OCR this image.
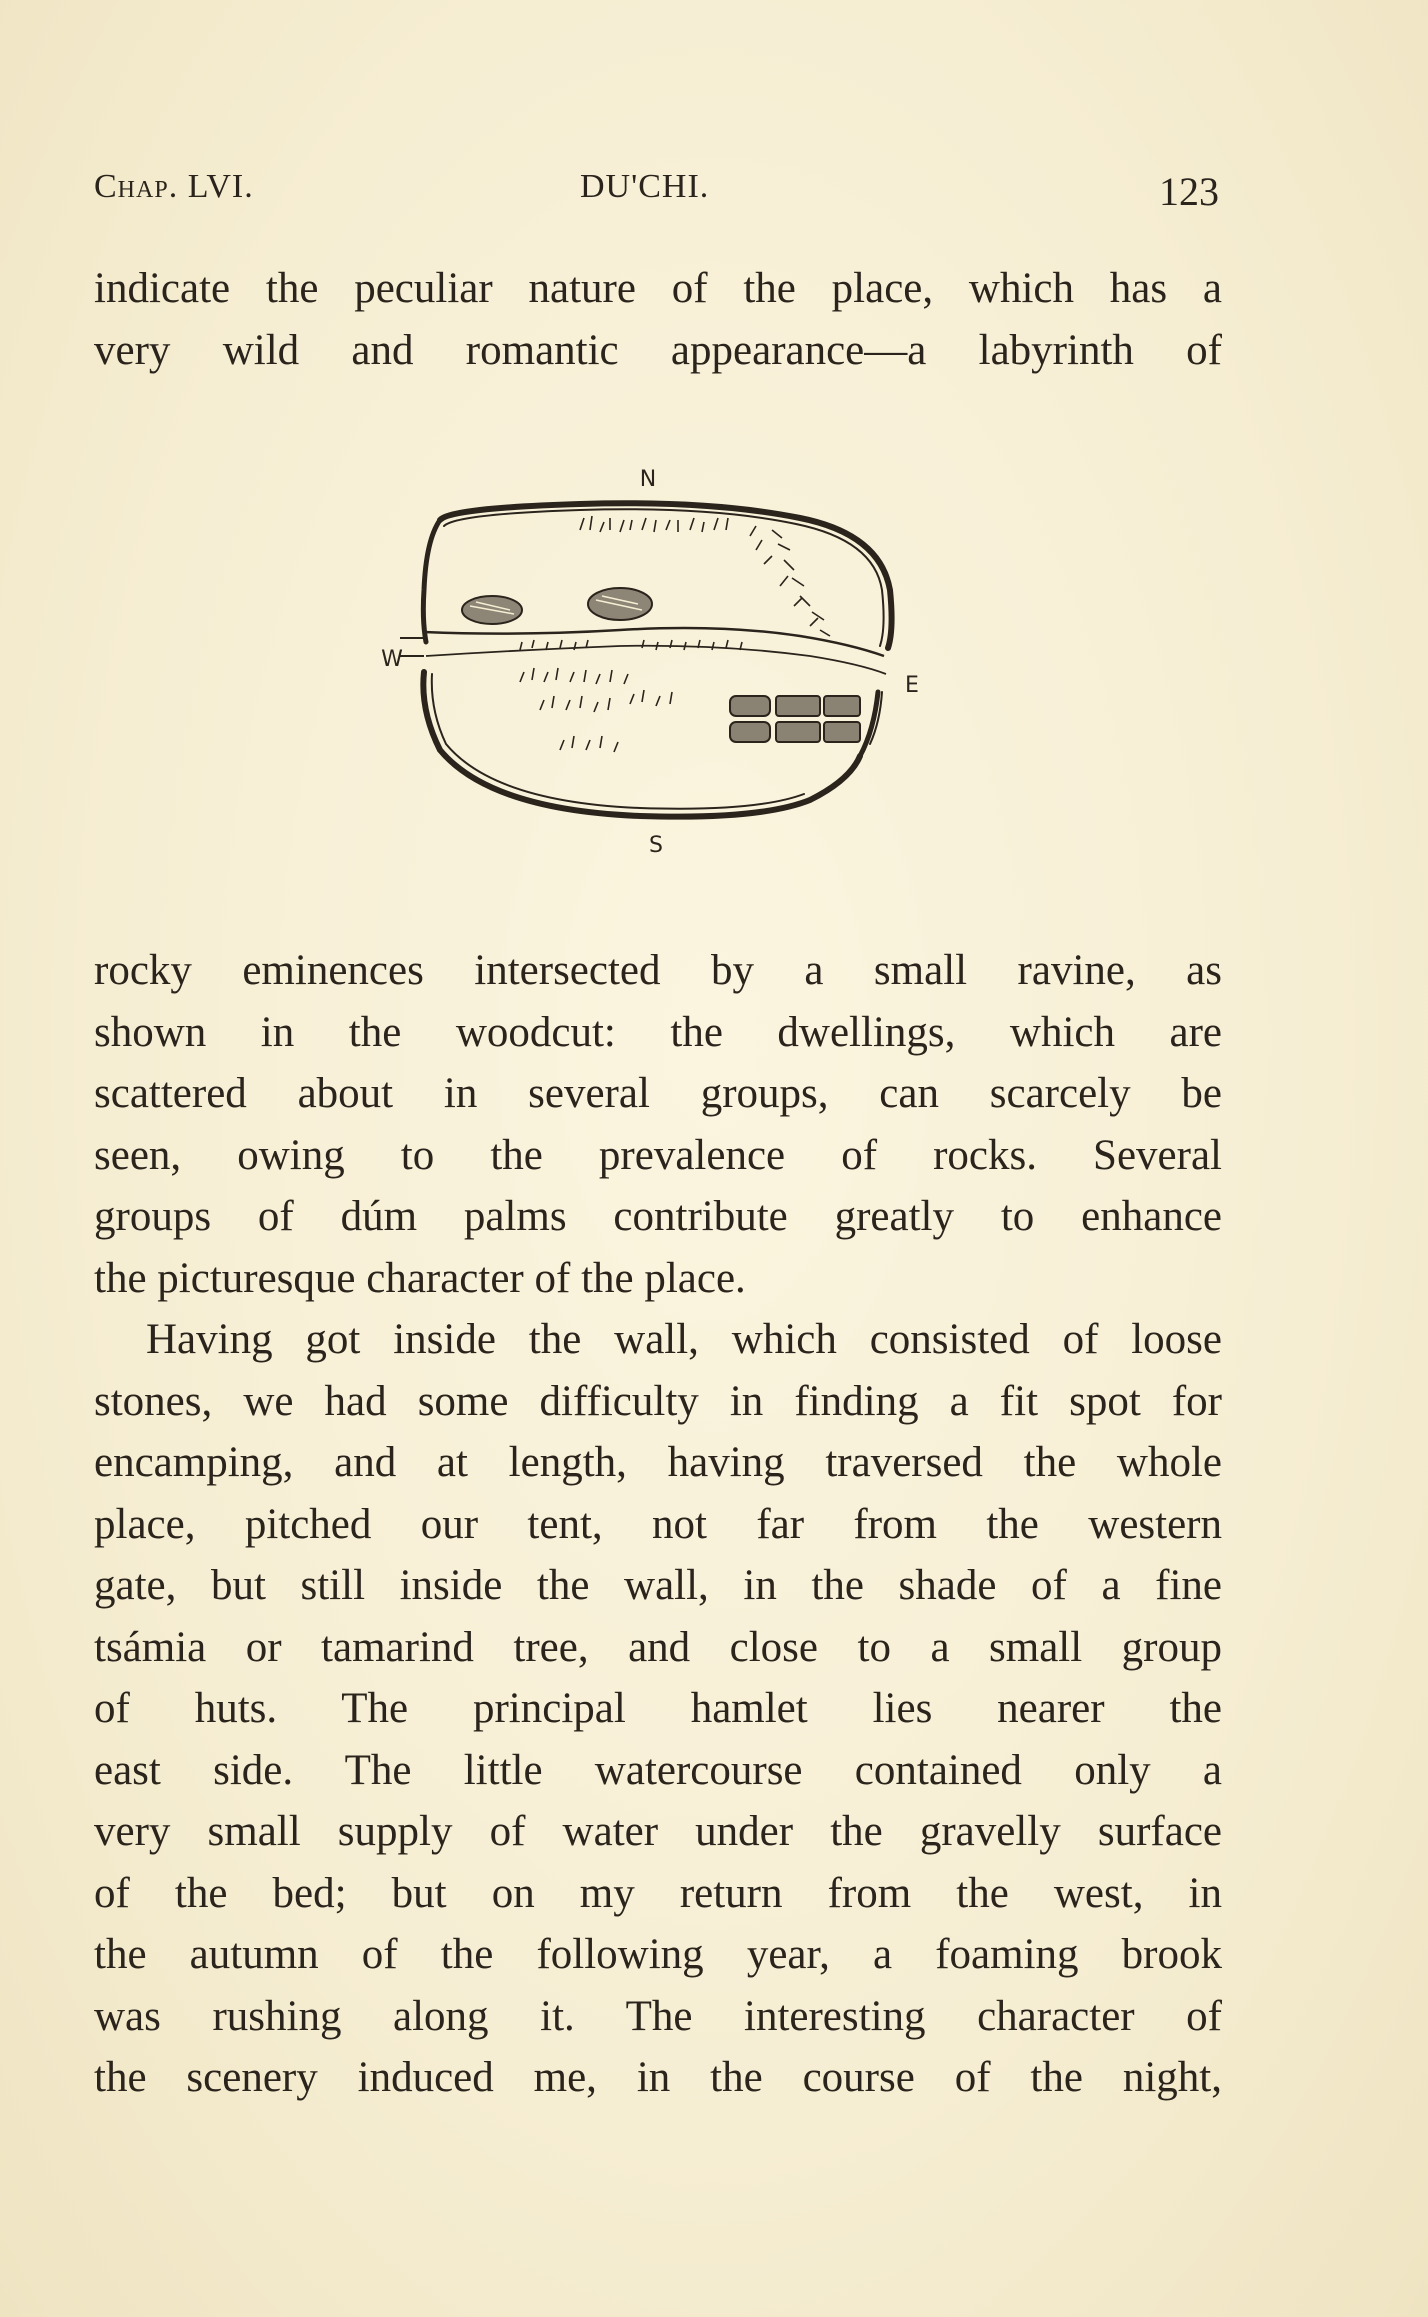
Chap. LVI.	DU'CHI.	123
indicate the peculiar nature of the place, which has a
very wild and romantic appearance—a labyrinth of
N
S
E
W
rocky eminences intersected by a small ravine, as
shown in the woodcut: the dwellings, which are
scattered about in several groups, can scarcely be
seen, owing to the prevalence of rocks. Several
groups of dúm palms contribute greatly to enhance
the picturesque character of the place.
Having got inside the wall, which consisted of loose
stones, we had some difficulty in finding a fit spot for
encamping, and at length, having traversed the whole
place, pitched our tent, not far from the western
gate, but still inside the wall, in the shade of a fine
tsámia or tamarind tree, and close to a small group
of huts. The principal hamlet lies nearer the
east side. The little watercourse contained only a
very small supply of water under the gravelly surface
of the bed; but on my return from the west, in
the autumn of the following year, a foaming brook
was rushing along it. The interesting character of
the scenery induced me, in the course of the night,
